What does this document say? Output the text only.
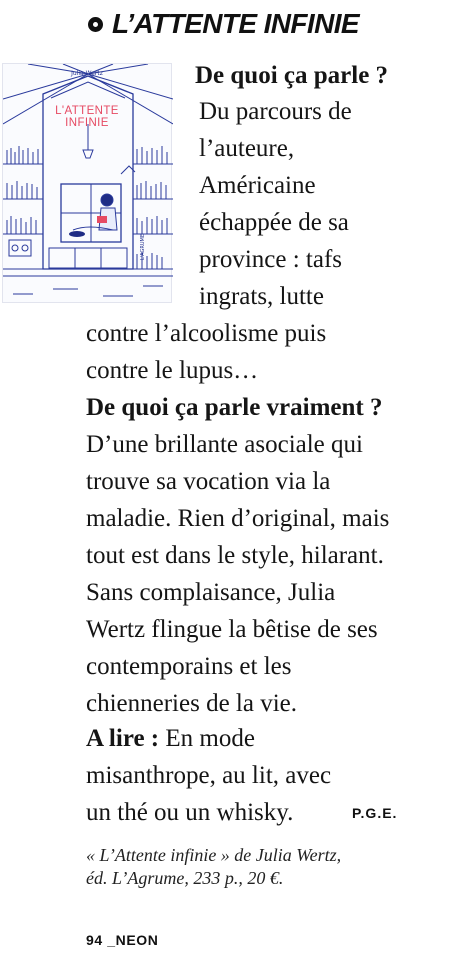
L’ATTENTE INFINIE
Julia Wertz
L'ATTENTE
INFINIE
L'AGRUME
De quoi ça parle ?
Du parcours de
l’auteure,
Américaine
échappée de sa
province : tafs
ingrats, lutte
contre l’alcoolisme puis
contre le lupus…
De quoi ça parle vraiment ?
D’une brillante asociale qui
trouve sa vocation via la
maladie. Rien d’original, mais
tout est dans le style, hilarant.
Sans complaisance, Julia
Wertz flingue la bêtise de ses
contemporains et les
chienneries de la vie.
A lire : En mode
misanthrope, au lit, avec
un thé ou un whisky.	P.G.E.
« L’Attente infinie » de Julia Wertz,
éd. L’Agrume, 233 p., 20 €.
94 _NEON
